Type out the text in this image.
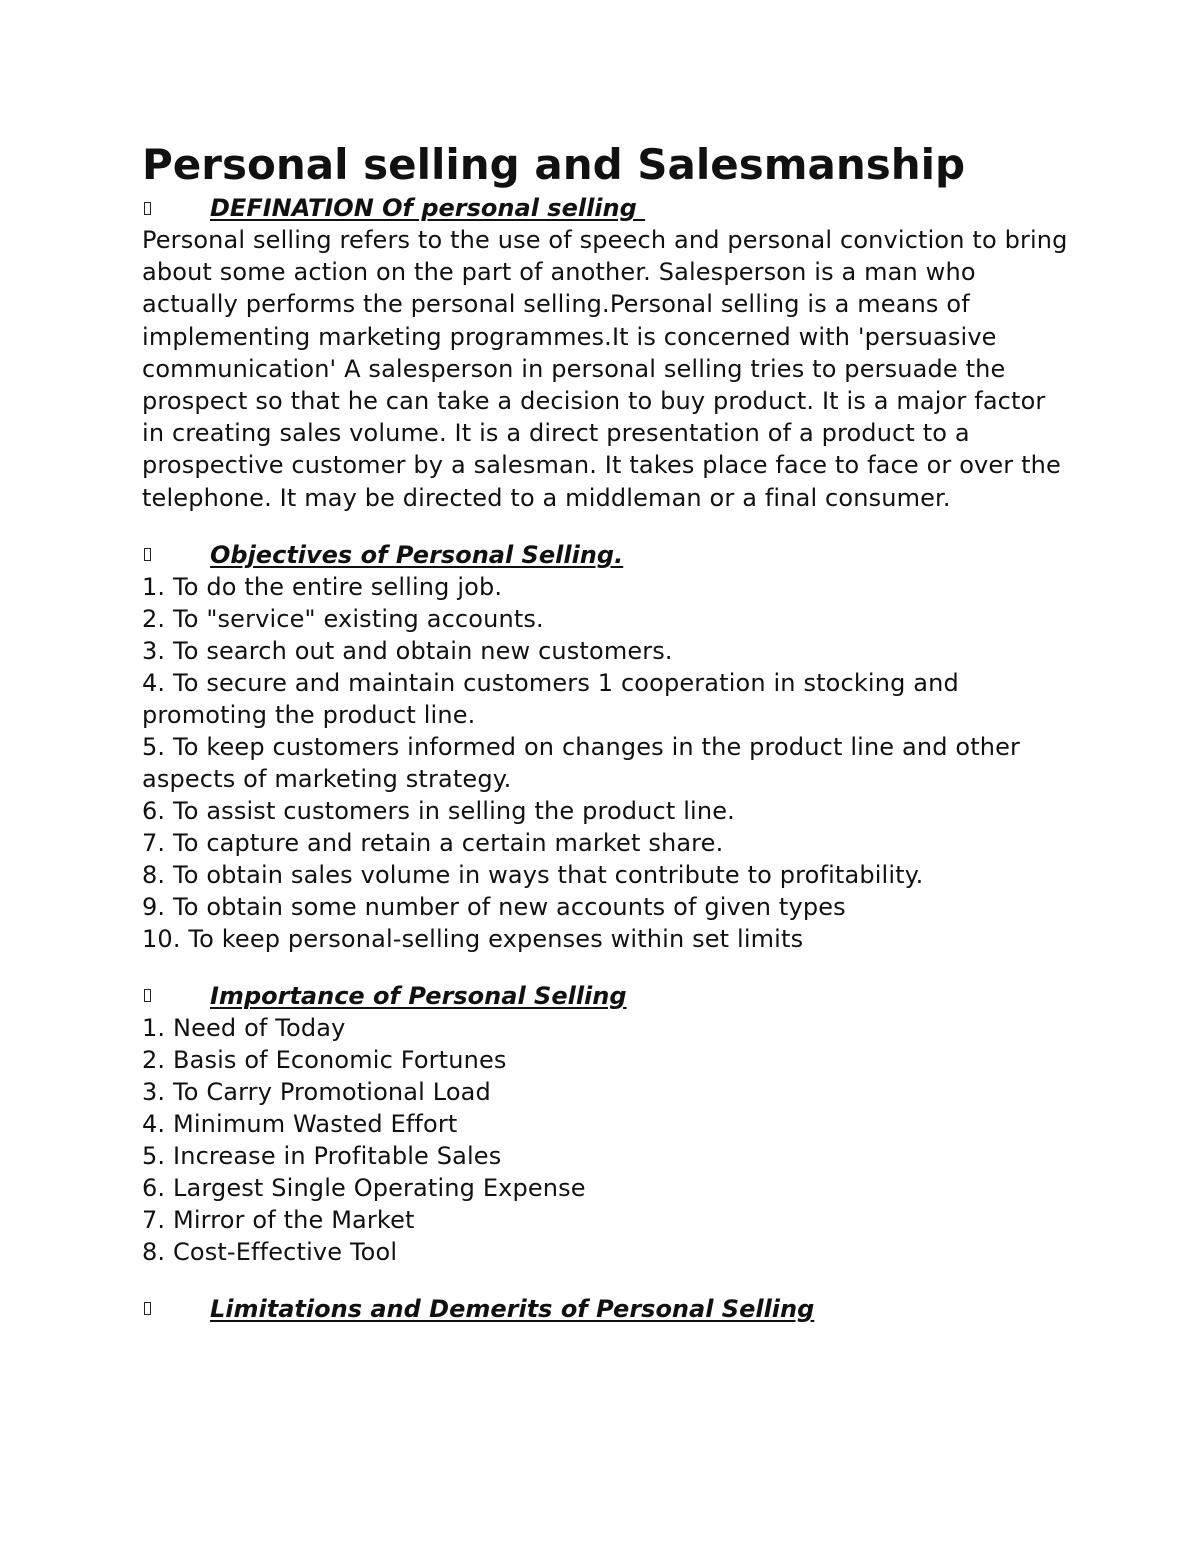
Personal selling and Salesmanship
DEFINATION Of personal selling

Personal selling refers to the use of speech and personal conviction to bring about some action on the part of another. Salesperson is a man who actually performs the personal selling.Personal selling is a means of implementing marketing programmes.It is concerned with 'persuasive communication' A salesperson in personal selling tries to persuade the prospect so that he can take a decision to buy product. It is a major factor in creating sales volume. It is a direct presentation of a product to a prospective customer by a salesman. It takes place face to face or over the telephone. It may be directed to a middleman or a final consumer.

Objectives of Personal Selling.
1. To do the entire selling job.
2. To "service" existing accounts.
3. To search out and obtain new customers.
4. To secure and maintain customers 1 cooperation in stocking and promoting the product line.
5. To keep customers informed on changes in the product line and other aspects of marketing strategy.
6. To assist customers in selling the product line.
7. To capture and retain a certain market share.
8. To obtain sales volume in ways that contribute to profitability.
9. To obtain some number of new accounts of given types
10. To keep personal-selling expenses within set limits
Importance of Personal Selling
1. Need of Today
2. Basis of Economic Fortunes
3. To Carry Promotional Load
4. Minimum Wasted Effort
5. Increase in Profitable Sales
6. Largest Single Operating Expense
7. Mirror of the Market
8. Cost-Effective Tool
Limitations and Demerits of Personal Selling
